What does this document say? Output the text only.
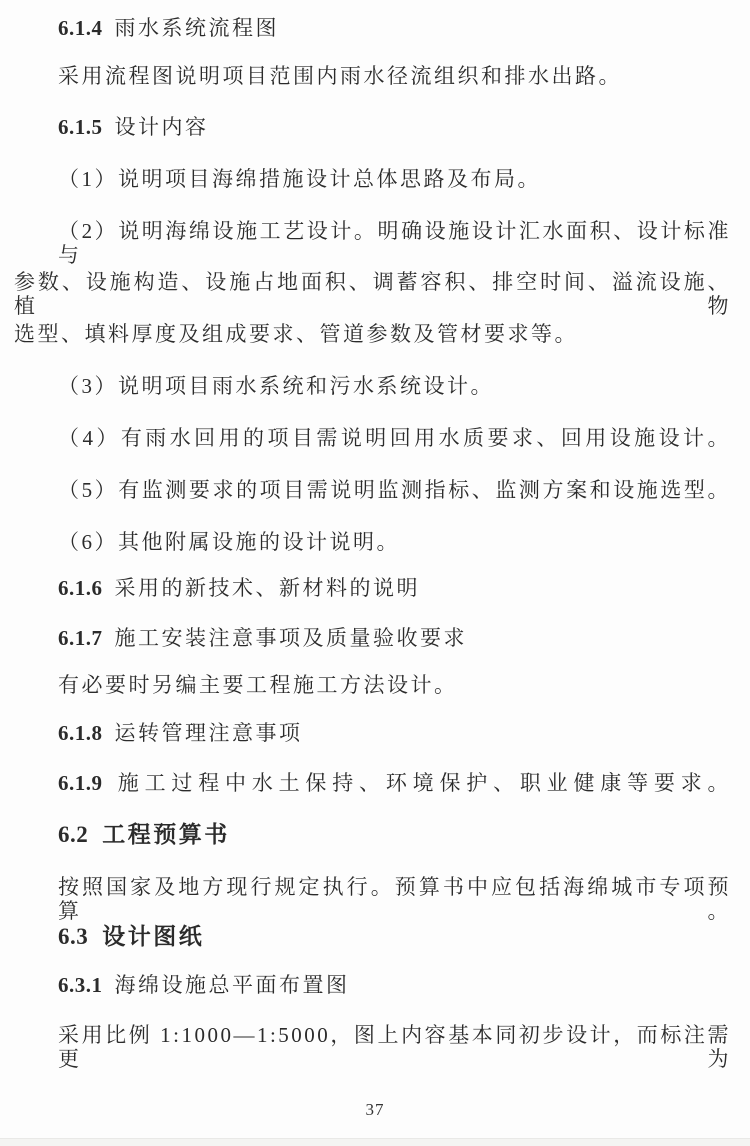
6.1.4 雨水系统流程图
采用流程图说明项目范围内雨水径流组织和排水出路。
6.1.5 设计内容
（1）说明项目海绵措施设计总体思路及布局。
（2）说明海绵设施工艺设计。明确设施设计汇水面积、设计标准与
参数、设施构造、设施占地面积、调蓄容积、排空时间、溢流设施、植物
选型、填料厚度及组成要求、管道参数及管材要求等。
（3）说明项目雨水系统和污水系统设计。
（4）有雨水回用的项目需说明回用水质要求、回用设施设计。
（5）有监测要求的项目需说明监测指标、监测方案和设施选型。
（6）其他附属设施的设计说明。
6.1.6 采用的新技术、新材料的说明
6.1.7 施工安装注意事项及质量验收要求
有必要时另编主要工程施工方法设计。
6.1.8 运转管理注意事项
6.1.9 施工过程中水土保持、环境保护、职业健康等要求。
6.2 工程预算书
按照国家及地方现行规定执行。预算书中应包括海绵城市专项预算。
6.3 设计图纸
6.3.1 海绵设施总平面布置图
采用比例 1:1000—1:5000，图上内容基本同初步设计，而标注需更为
37
